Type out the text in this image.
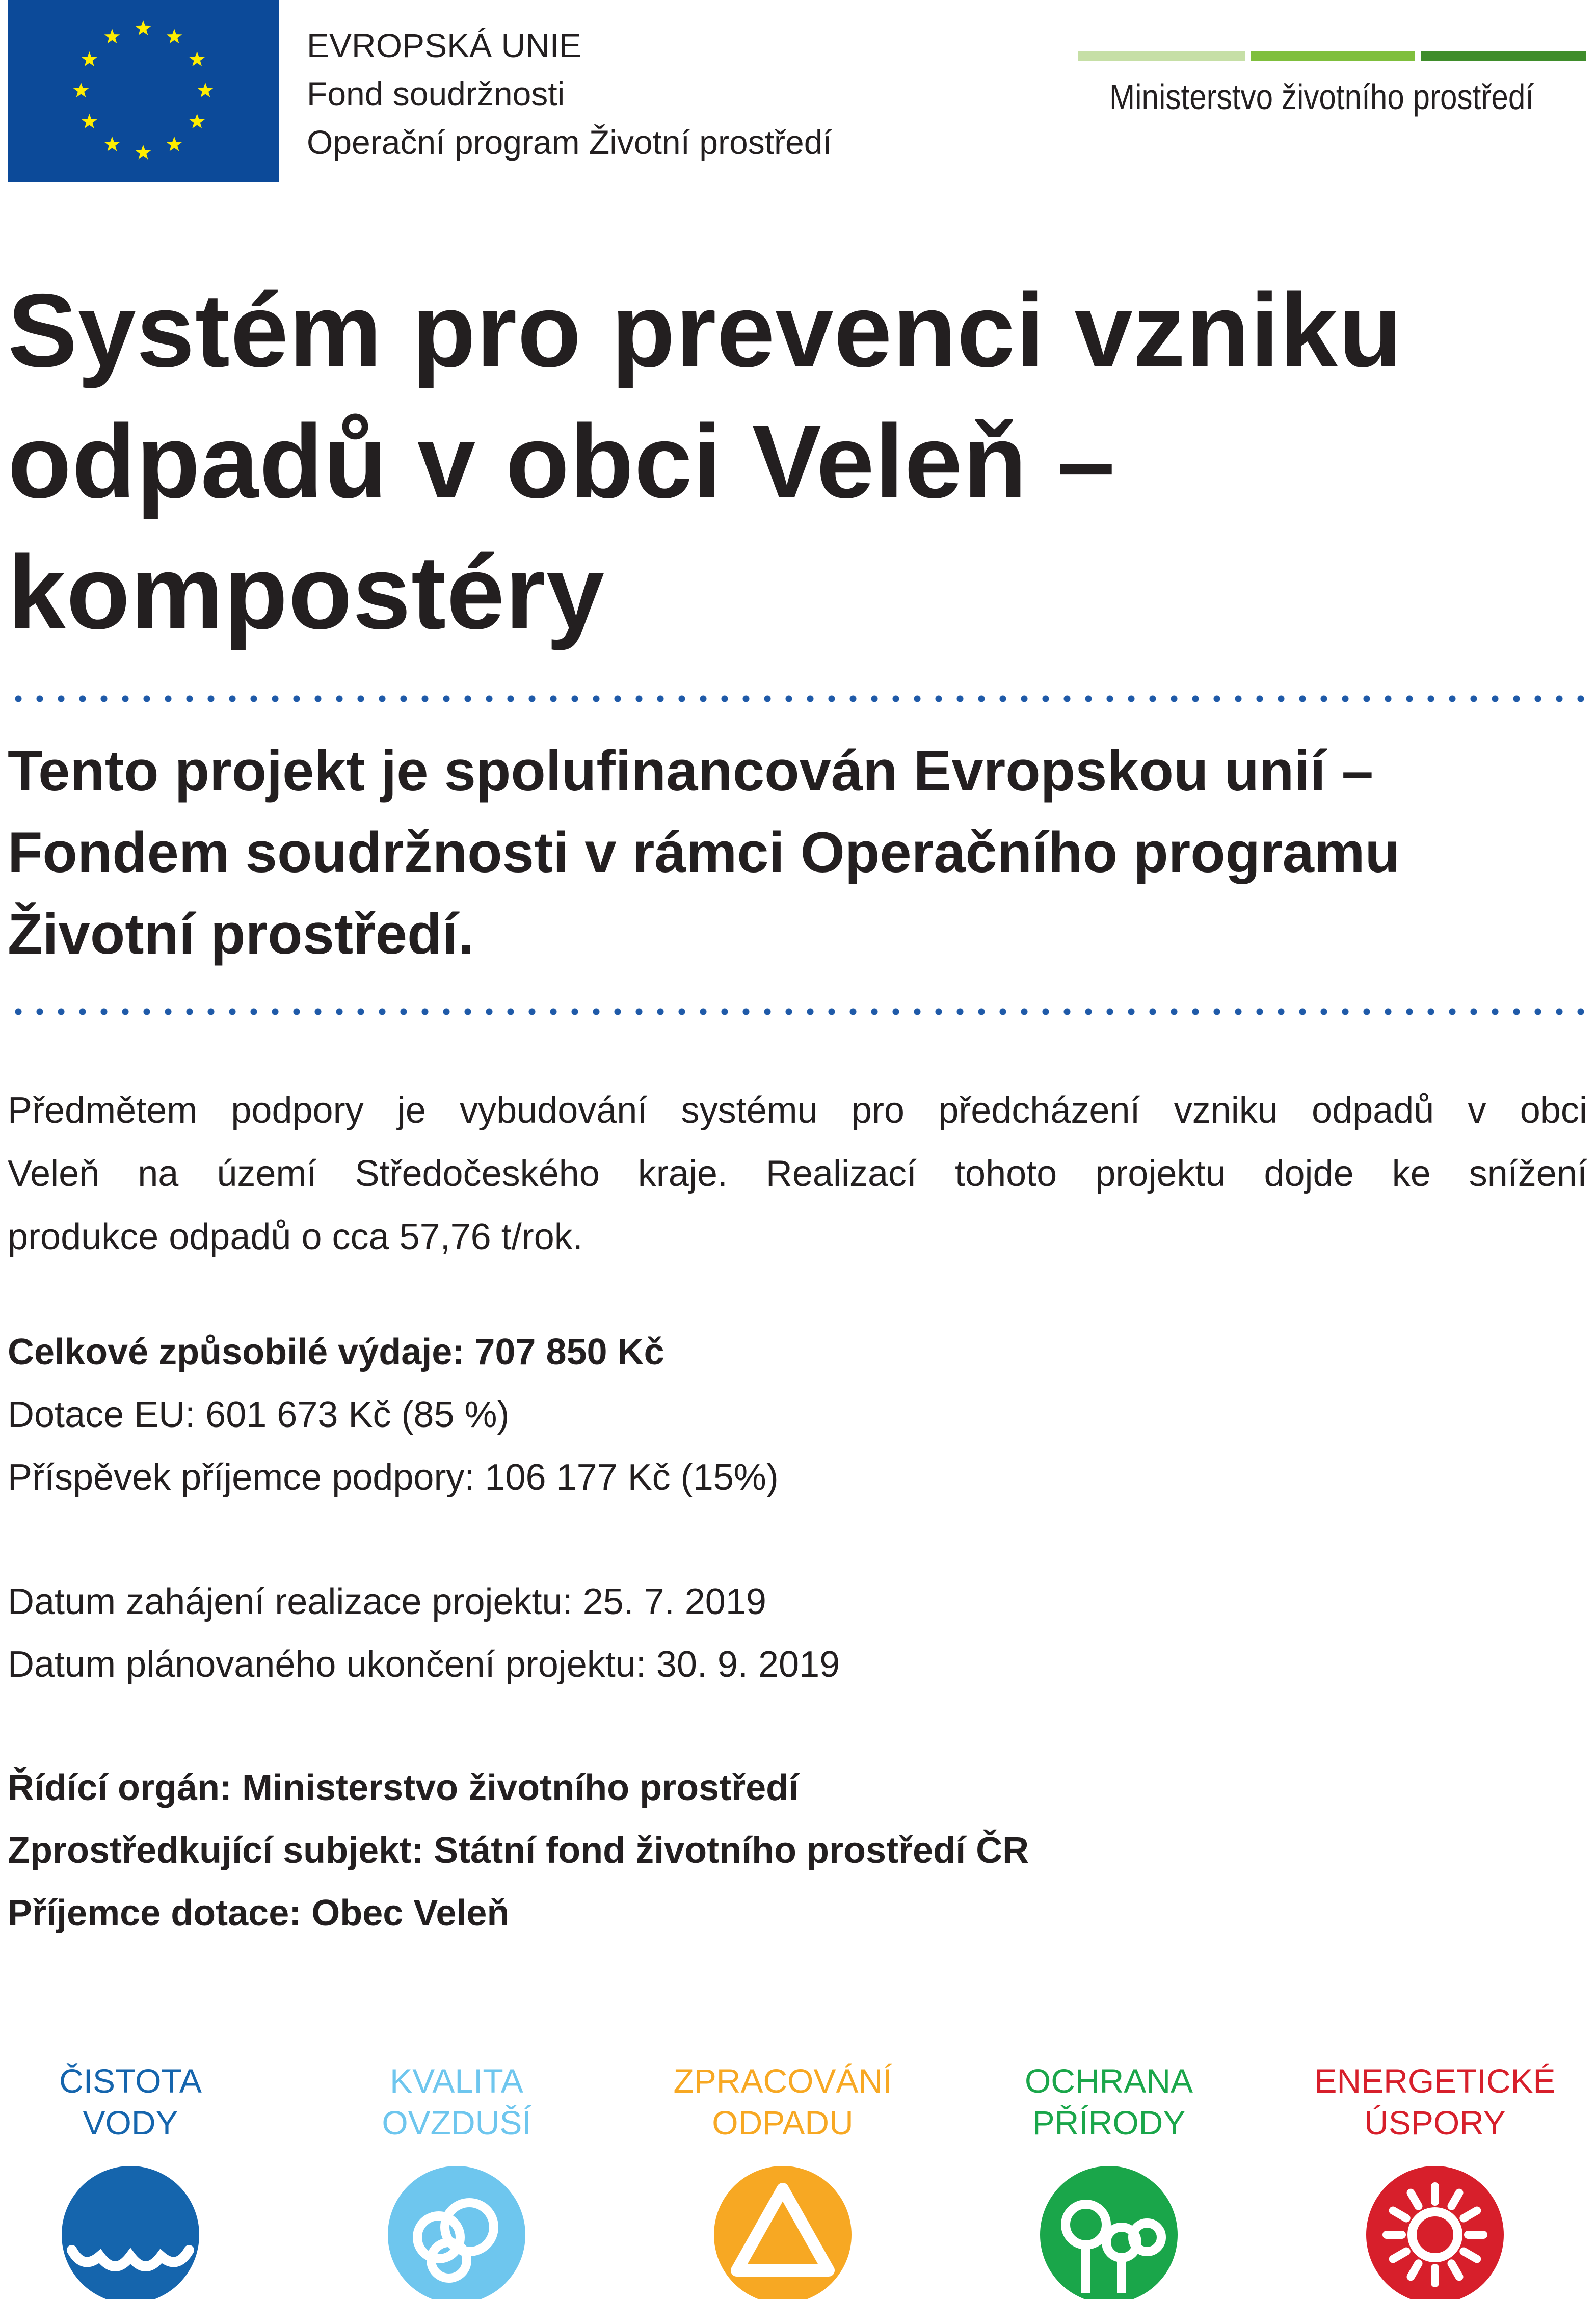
EVROPSKÁ UNIE
Fond soudržnosti
Operační program Životní prostředí
Ministerstvo životního prostředí
Systém pro prevenci vzniku
odpadů v obci Veleň –
kompostéry
Tento projekt je spolufinancován Evropskou unií –
Fondem soudržnosti v rámci Operačního programu
Životní prostředí.
Předmětem podpory je vybudování systému pro předcházení vzniku odpadů v obci
Veleň na území Středočeského kraje. Realizací tohoto projektu dojde ke snížení
produkce odpadů o cca 57,76 t/rok.
Celkové způsobilé výdaje: 707 850 Kč
Dotace EU: 601 673 Kč (85 %)
Příspěvek příjemce podpory: 106 177 Kč (15%)
Datum zahájení realizace projektu: 25. 7. 2019
Datum plánovaného ukončení projektu: 30. 9. 2019
Řídící orgán: Ministerstvo životního prostředí
Zprostředkující subjekt: Státní fond životního prostředí ČR
Příjemce dotace: Obec Veleň
ČISTOTA
VODY
KVALITA
OVZDUŠÍ
ZPRACOVÁNÍ
ODPADU
OCHRANA
PŘÍRODY
ENERGETICKÉ
ÚSPORY
